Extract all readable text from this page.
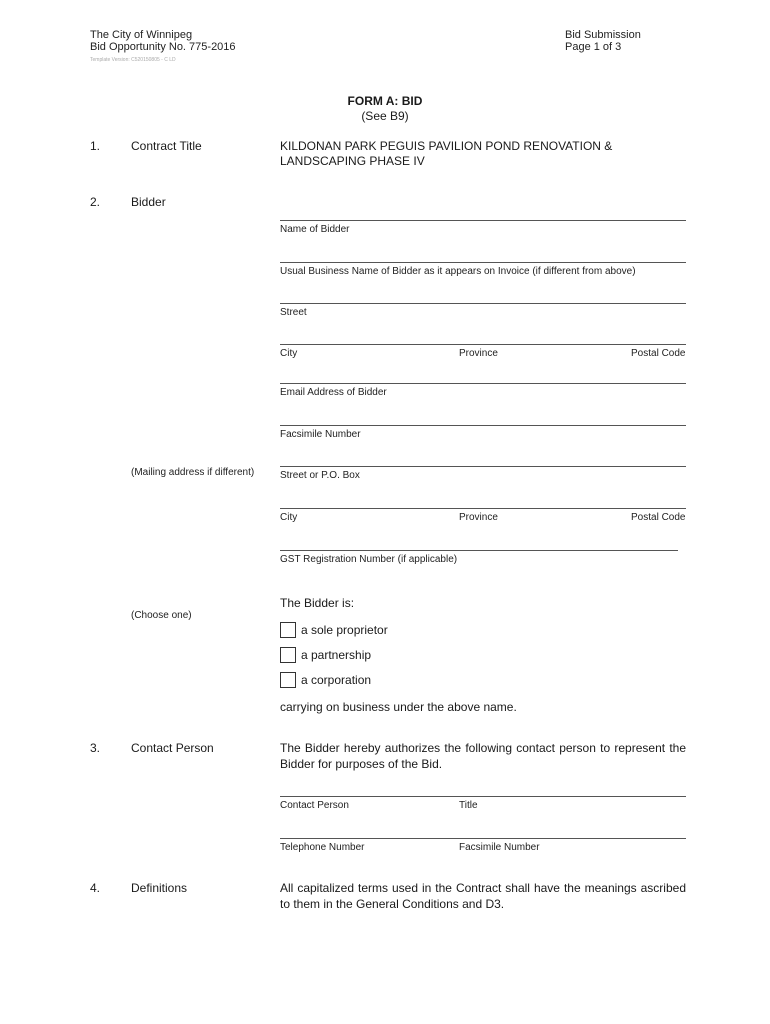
The City of Winnipeg
Bid Opportunity No. 775-2016
Template Version: C520150805 - C LD
Bid Submission
Page 1 of 3
FORM A: BID
(See B9)
1.	Contract Title	KILDONAN PARK PEGUIS PAVILION POND RENOVATION &
LANDSCAPING PHASE IV
2.	Bidder
Name of Bidder
Usual Business Name of Bidder as it appears on Invoice (if different from above)
Street
City	Province	Postal Code
Email Address of Bidder
Facsimile Number
(Mailing address if different)	Street or P.O. Box
City	Province	Postal Code
GST Registration Number (if applicable)
The Bidder is:
(Choose one)
a sole proprietor
a partnership
a corporation
carrying on business under the above name.
3.	Contact Person	The Bidder hereby authorizes the following contact person to represent the Bidder for purposes of the Bid.
Contact Person	Title
Telephone Number	Facsimile Number
4.	Definitions	All capitalized terms used in the Contract shall have the meanings ascribed to them in the General Conditions and D3.
